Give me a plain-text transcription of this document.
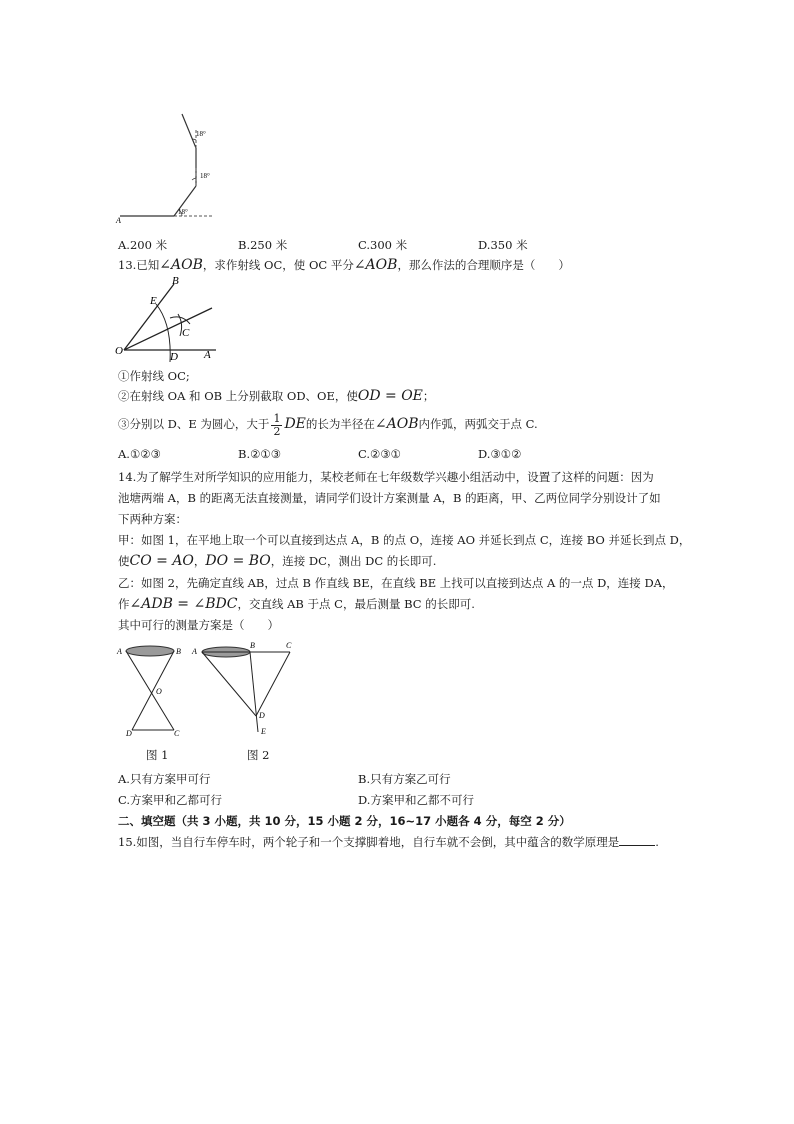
A
18°
18°
18°
A.200 米	B.250 米	C.300 米	D.350 米
13.已知∠AOB，求作射线 OC，使 OC 平分∠AOB，那么作法的合理顺序是（　　）
B
E
C
O	D A
①作射线 OC;
②在射线 OA 和 OB 上分别截取 OD、OE，使OD = OE；
③分别以 D、E 为圆心，大于 $\frac{1}{2}$ DE的长为半径在∠AOB内作弧，两弧交于点 C.
A.①②③	B.②①③	C.②③①	D.③①②
14.为了解学生对所学知识的应用能力，某校老师在七年级数学兴趣小组活动中，设置了这样的问题：因为
池塘两端 A，B 的距离无法直接测量，请同学们设计方案测量 A，B 的距离，甲、乙两位同学分别设计了如
下两种方案：
甲：如图 1，在平地上取一个可以直接到达点 A，B 的点 O，连接 AO 并延长到点 C，连接 BO 并延长到点 D，
使CO = AO，DO = BO，连接 DC，测出 DC 的长即可.
乙：如图 2，先确定直线 AB，过点 B 作直线 BE，在直线 BE 上找可以直接到达点 A 的一点 D，连接 DA，
作∠ADB = ∠BDC，交直线 AB 于点 C，最后测量 BC 的长即可.
其中可行的测量方案是（　　）
A	B
O
D	C
A
B	C
D
E
图 1	图 2
A.只有方案甲可行	B.只有方案乙可行
C.方案甲和乙都可行	D.方案甲和乙都不可行
二、填空题（共 3 小题，共 10 分，15 小题 2 分，16~17 小题各 4 分，每空 2 分）
15.如图，当自行车停车时，两个轮子和一个支撑脚着地，自行车就不会倒，其中蕴含的数学原理是	.
